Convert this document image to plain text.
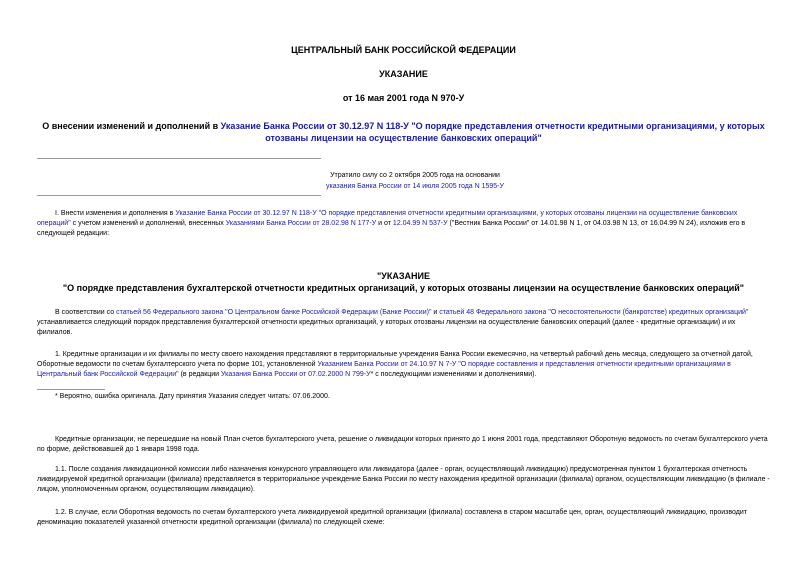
ЦЕНТРАЛЬНЫЙ БАНК РОССИЙСКОЙ ФЕДЕРАЦИИ
УКАЗАНИЕ
от 16 мая 2001 года N 970-У
О внесении изменений и дополнений в Указание Банка России от 30.12.97 N 118-У "О порядке представления отчетности кредитными организациями, у которых отозваны лицензии на осуществление банковских операций"
Утратило силу со 2 октября 2005 года на основании
указания Банка России от 14 июля 2005 года N 1595-У
I. Внести изменения и дополнения в Указание Банка России от 30.12.97 N 118-У "О порядке представления отчетности кредитными организациями, у которых отозваны лицензии на осуществление банковских операций" с учетом изменений и дополнений, внесенных Указаниями Банка России от 28.02.98 N 177-У и от 12.04.99 N 537-У ("Вестник Банка России" от 14.01.98 N 1, от 04.03.98 N 13, от 16.04.99 N 24), изложив его в следующей редакции:
"УКАЗАНИЕ
"О порядке представления бухгалтерской отчетности кредитных организаций, у которых отозваны лицензии на осуществление банковских операций"
В соответствии со статьей 56 Федерального закона "О Центральном банке Российской Федерации (Банке России)" и статьей 48 Федерального закона "О несостоятельности (банкротстве) кредитных организаций" устанавливается следующий порядок представления бухгалтерской отчетности кредитных организаций, у которых отозваны лицензии на осуществление банковских операций (далее - кредитные организации) и их филиалов.
1. Кредитные организации и их филиалы по месту своего нахождения представляют в территориальные учреждения Банка России ежемесячно, на четвертый рабочий день месяца, следующего за отчетной датой, Оборотные ведомости по счетам бухгалтерского учета по форме 101, установленной Указанием Банка России от 24.10.97 N 7-У "О порядке составления и представления отчетности кредитными организациями в Центральный банк Российской Федерации" (в редакции Указания Банка России от 07.02.2000 N 799-У* с последующими изменениями и дополнениями).
* Вероятно, ошибка оригинала. Дату принятия Указания следует читать: 07.06.2000.
Кредитные организации, не перешедшие на новый План счетов бухгалтерского учета, решение о ликвидации которых принято до 1 июня 2001 года, представляют Оборотную ведомость по счетам бухгалтерского учета по форме, действовавшей до 1 января 1998 года.
1.1. После создания ликвидационной комиссии либо назначения конкурсного управляющего или ликвидатора (далее - орган, осуществляющий ликвидацию) предусмотренная пунктом 1 бухгалтерская отчетность ликвидируемой кредитной организации (филиала) представляется в территориальное учреждение Банка России по месту нахождения кредитной организации (филиала) органом, осуществляющим ликвидацию (в филиале - лицом, уполномоченным органом, осуществляющим ликвидацию).
1.2. В случае, если Оборотная ведомость по счетам бухгалтерского учета ликвидируемой кредитной организации (филиала) составлена в старом масштабе цен, орган, осуществляющий ликвидацию, производит деноминацию показателей указанной отчетности кредитной организации (филиала) по следующей схеме:
